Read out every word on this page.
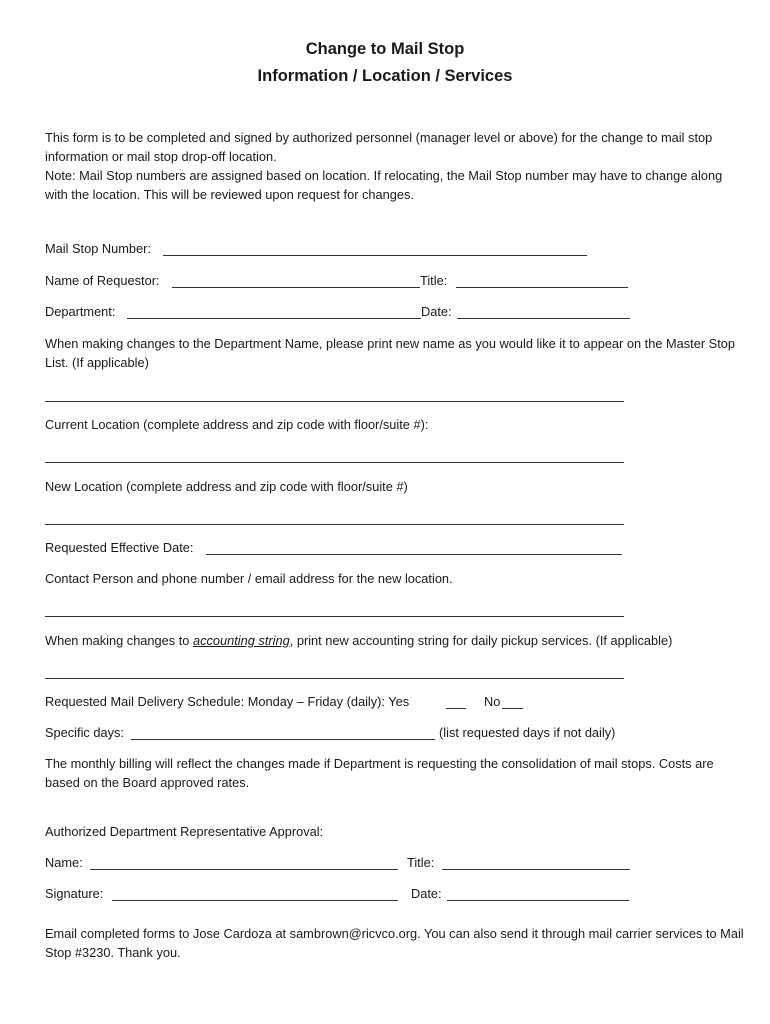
Change to Mail Stop
Information / Location / Services
This form is to be completed and signed by authorized personnel (manager level or above) for the change to mail stop information or mail stop drop-off location.
Note: Mail Stop numbers are assigned based on location. If relocating, the Mail Stop number may have to change along with the location. This will be reviewed upon request for changes.
Mail Stop Number:
Name of Requestor:	Title:
Department:	Date:
When making changes to the Department Name, please print new name as you would like it to appear on the Master Stop List. (If applicable)
Current Location (complete address and zip code with floor/suite #):
New Location (complete address and zip code with floor/suite #)
Requested Effective Date:
Contact Person and phone number / email address for the new location.
When making changes to accounting string, print new accounting string for daily pickup services. (If applicable)
Requested Mail Delivery Schedule: Monday – Friday (daily): Yes	No
Specific days:	(list requested days if not daily)
The monthly billing will reflect the changes made if Department is requesting the consolidation of mail stops. Costs are based on the Board approved rates.
Authorized Department Representative Approval:
Name:	Title:
Signature:	Date:
Email completed forms to Jose Cardoza at sambrown@ricvco.org. You can also send it through mail carrier services to Mail Stop #3230. Thank you.
